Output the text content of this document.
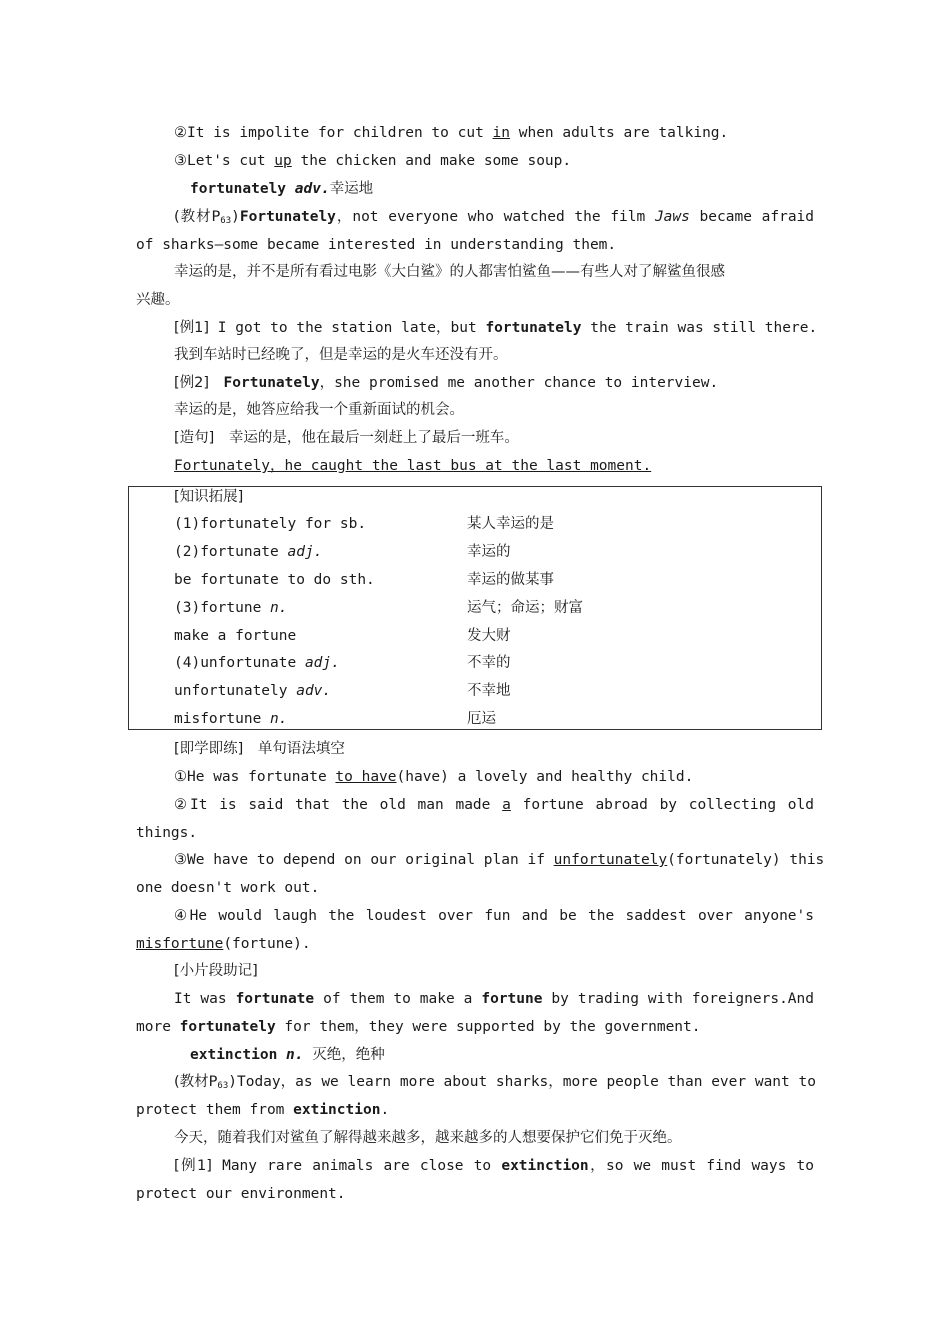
②It is impolite for children to cut in when adults are talking.
③Let's cut up the chicken and make some soup.
fortunately adv.幸运地
(教材$P_{63})Fortunately$，not everyone who watched the film Jaws became afraid
of sharks—some became interested in understanding them.
幸运的是，并不是所有看过电影《大白鲨》的人都害怕鲨鱼——有些人对了解鲨鱼很感
兴趣。
[例1] I got to the station late，but fortunately the train was still there.
我到车站时已经晚了，但是幸运的是火车还没有开。
[例2]　 Fortunately，she promised me another chance to interview.
幸运的是，她答应给我一个重新面试的机会。
[造句]　 幸运的是，他在最后一刻赶上了最后一班车。
Fortunately，he caught the last bus at the last moment.
[知识拓展]
(1)fortunately for sb.	某人幸运的是
(2)fortunate adj.	幸运的
be fortunate to do sth.	幸运的做某事
(3)fortune n.	运气；命运；财富
make a fortune	发大财
(4)unfortunate adj.	不幸的
unfortunately adv.	不幸地
misfortune n.	厄运
[即学即练]　单句语法填空
①He was fortunate to have(have) a lovely and healthy child.
②It is said that the old man made a fortune abroad by collecting old
things.
③We have to depend on our original plan if unfortunately(fortunately) this
one doesn't work out.
④He would laugh the loudest over fun and be the saddest over anyone's
misfortune(fortune).
[小片段助记]
It was fortunate of them to make a fortune by trading with foreigners.And
more fortunately for them，they were supported by the government.
extinction n. 灭绝，绝种
(教材$P_{63})Today$，as we learn more about sharks，more people than ever want to
protect them from extinction.
今天，随着我们对鲨鱼了解得越来越多，越来越多的人想要保护它们免于灭绝。
[例1] Many rare animals are close to extinction，so we must find ways to
protect our environment.
